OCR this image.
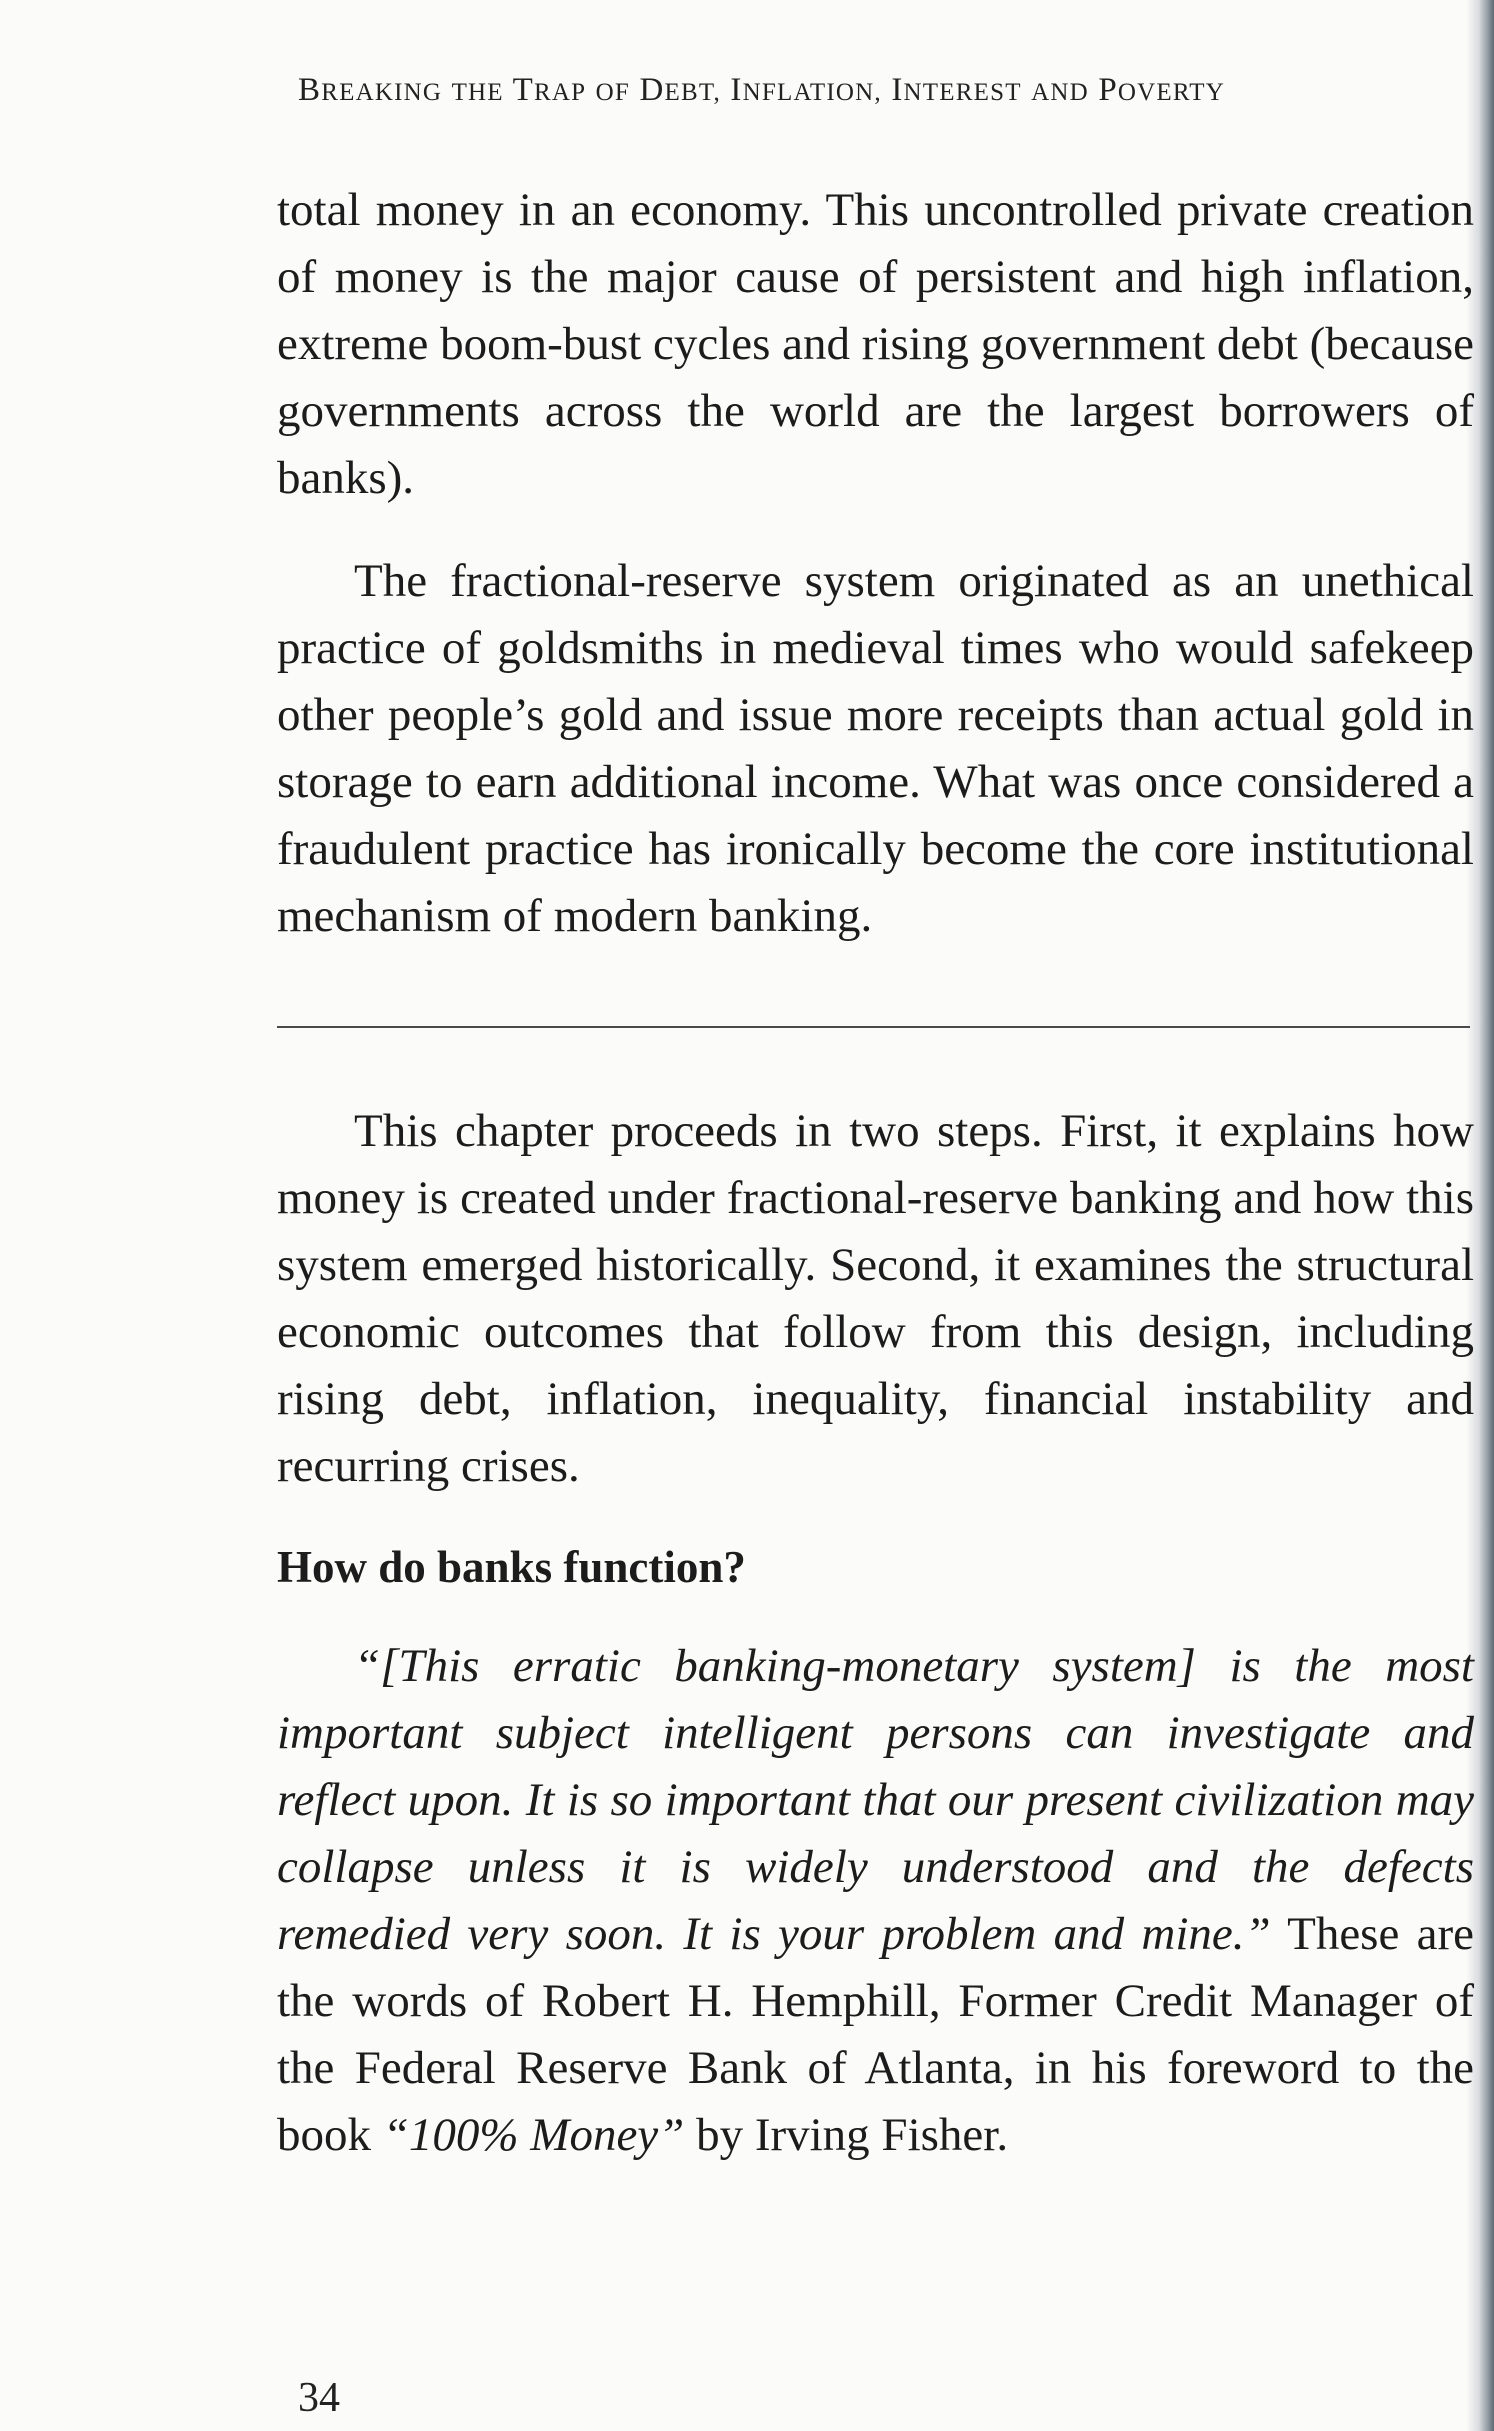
BREAKING THE TRAP OF DEBT, INFLATION, INTEREST AND POVERTY

total money in an economy. This uncontrolled private creation of money is the major cause of persistent and high inflation, extreme boom-bust cycles and rising government debt (because governments across the world are the largest borrowers of banks).

The fractional-reserve system originated as an unethical practice of goldsmiths in medieval times who would safekeep other people’s gold and issue more receipts than actual gold in storage to earn additional income. What was once considered a fraudulent practice has ironically become the core institutional mechanism of modern banking.

This chapter proceeds in two steps. First, it explains how money is created under fractional-reserve banking and how this system emerged historically. Second, it examines the structural economic outcomes that follow from this design, including rising debt, inflation, inequality, financial instability and recurring crises.

How do banks function?

“[This erratic banking-monetary system] is the most important subject intelligent persons can investigate and reflect upon. It is so important that our present civilization may collapse unless it is widely understood and the defects remedied very soon. It is your problem and mine.” These are the words of Robert H. Hemphill, Former Credit Manager of the Federal Reserve Bank of Atlanta, in his foreword to the book “100% Money” by Irving Fisher.

34
